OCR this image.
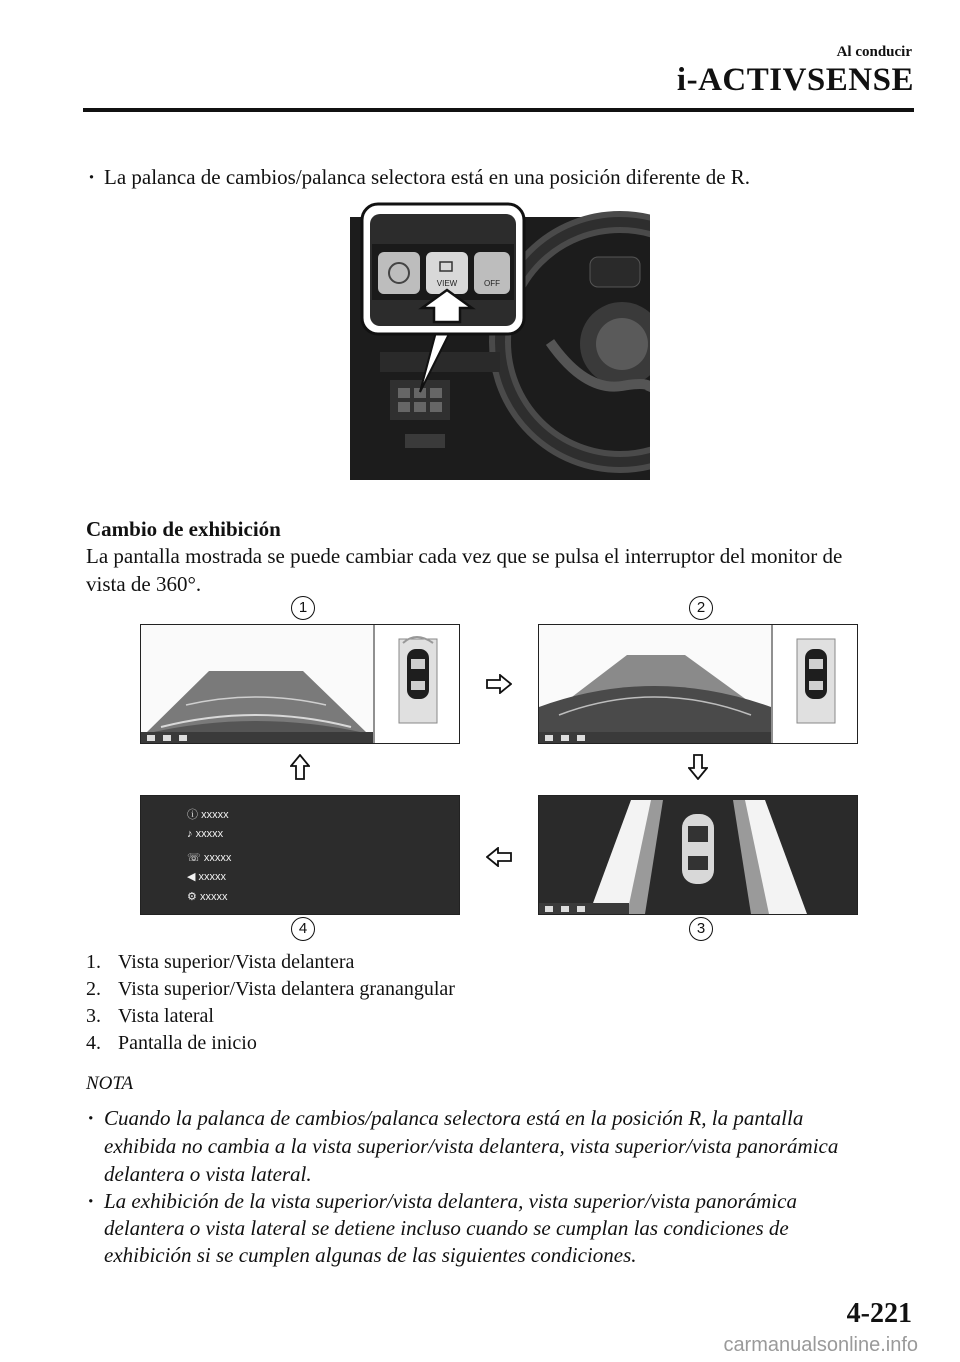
Al conducir
i-ACTIVSENSE
· La palanca de cambios/palanca selectora está en una posición diferente de R.
VIEW	OFF
Cambio de exhibición
La pantalla mostrada se puede cambiar cada vez que se pulsa el interruptor del monitor de
vista de 360°.
1	2
3
4
ⓘ xxxxx
♪ xxxxx
☏ xxxxx
◀ xxxxx
⚙ xxxxx
1. Vista superior/Vista delantera
2. Vista superior/Vista delantera granangular
3. Vista lateral
4. Pantalla de inicio
NOTA
· Cuando la palanca de cambios/palanca selectora está en la posición R, la pantalla
exhibida no cambia a la vista superior/vista delantera, vista superior/vista panorámica
delantera o vista lateral.
· La exhibición de la vista superior/vista delantera, vista superior/vista panorámica
delantera o vista lateral se detiene incluso cuando se cumplan las condiciones de
exhibición si se cumplen algunas de las siguientes condiciones.
4-221
carmanualsonline.info
